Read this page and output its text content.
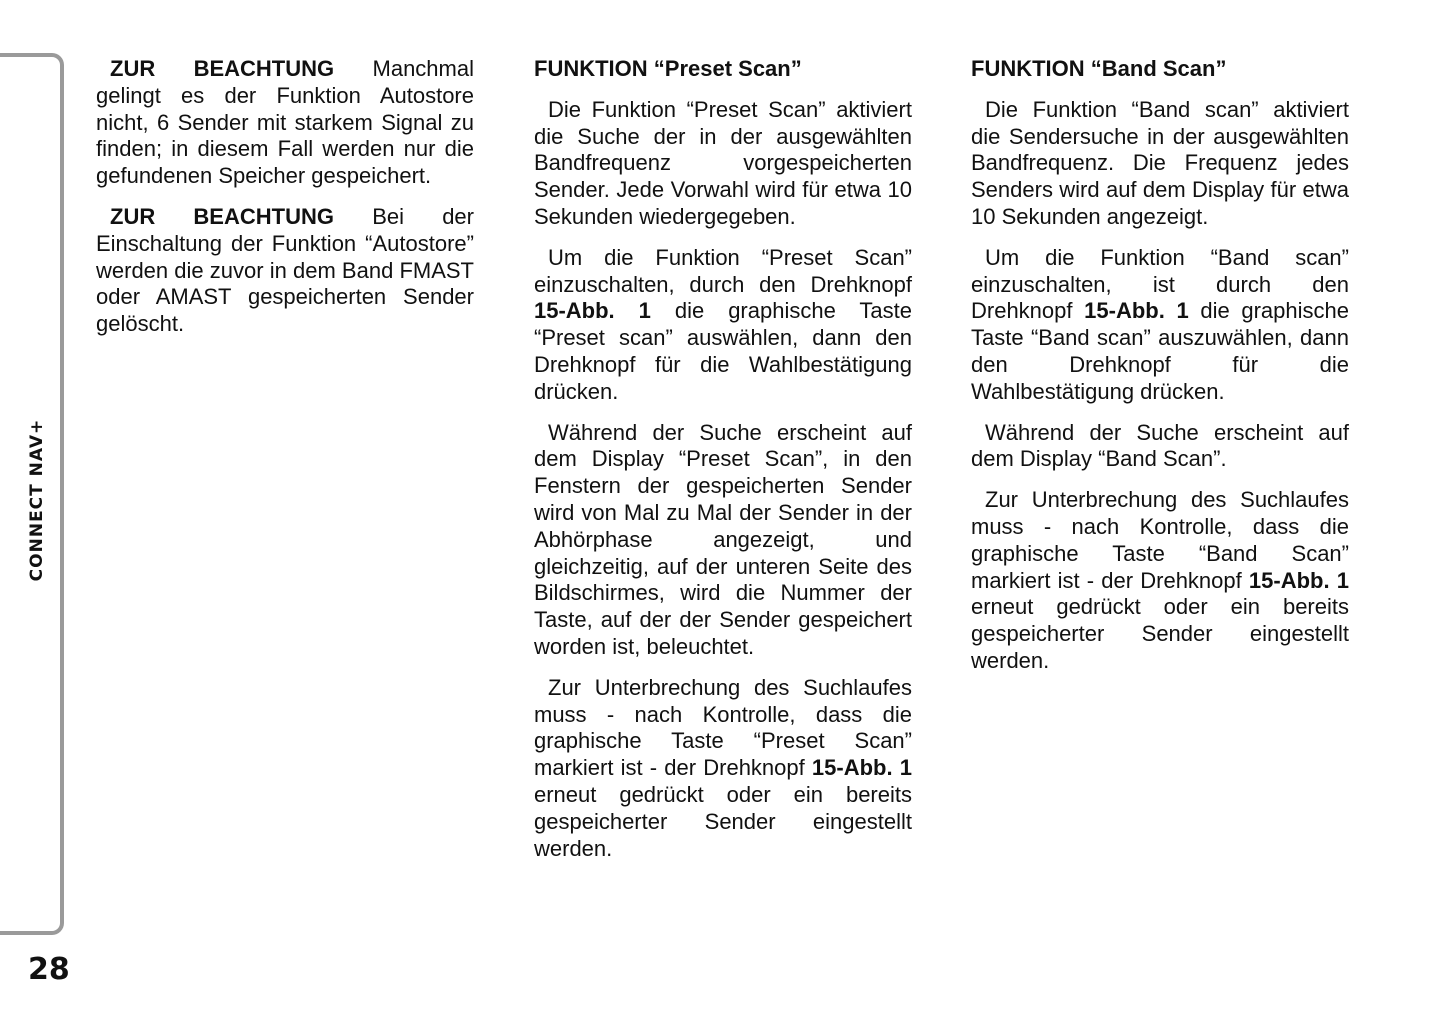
CONNECT NAV+
28

ZUR BEACHTUNG Manchmal gelingt es der Funktion Autostore nicht, 6 Sender mit starkem Signal zu finden; in diesem Fall werden nur die gefundenen Speicher gespeichert.

ZUR BEACHTUNG Bei der Einschaltung der Funktion “Autostore” werden die zuvor in dem Band FMAST oder AMAST gespeicherten Sender gelöscht.

FUNKTION “Preset Scan”

Die Funktion “Preset Scan” aktiviert die Suche der in der ausgewählten Bandfrequenz vorgespeicherten Sender. Jede Vorwahl wird für etwa 10 Sekunden wiedergegeben.

Um die Funktion “Preset Scan” einzuschalten, durch den Drehknopf 15-Abb. 1 die graphische Taste “Preset scan” auswählen, dann den Drehknopf für die Wahlbestätigung drücken.

Während der Suche erscheint auf dem Display “Preset Scan”, in den Fenstern der gespeicherten Sender wird von Mal zu Mal der Sender in der Abhörphase angezeigt, und gleichzeitig, auf der unteren Seite des Bildschirmes, wird die Nummer der Taste, auf der der Sender gespeichert worden ist, beleuchtet.

Zur Unterbrechung des Suchlaufes muss - nach Kontrolle, dass die graphische Taste “Preset Scan” markiert ist - der Drehknopf 15-Abb. 1 erneut gedrückt oder ein bereits gespeicherter Sender eingestellt werden.

FUNKTION “Band Scan”

Die Funktion “Band scan” aktiviert die Sendersuche in der ausgewählten Bandfrequenz. Die Frequenz jedes Senders wird auf dem Display für etwa 10 Sekunden angezeigt.

Um die Funktion “Band scan” einzuschalten, ist durch den Drehknopf 15-Abb. 1 die graphische Taste “Band scan” auszuwählen, dann den Drehknopf für die Wahlbestätigung drücken.

Während der Suche erscheint auf dem Display “Band Scan”.

Zur Unterbrechung des Suchlaufes muss - nach Kontrolle, dass die graphische Taste “Band Scan” markiert ist - der Drehknopf 15-Abb. 1 erneut gedrückt oder ein bereits gespeicherter Sender eingestellt werden.
